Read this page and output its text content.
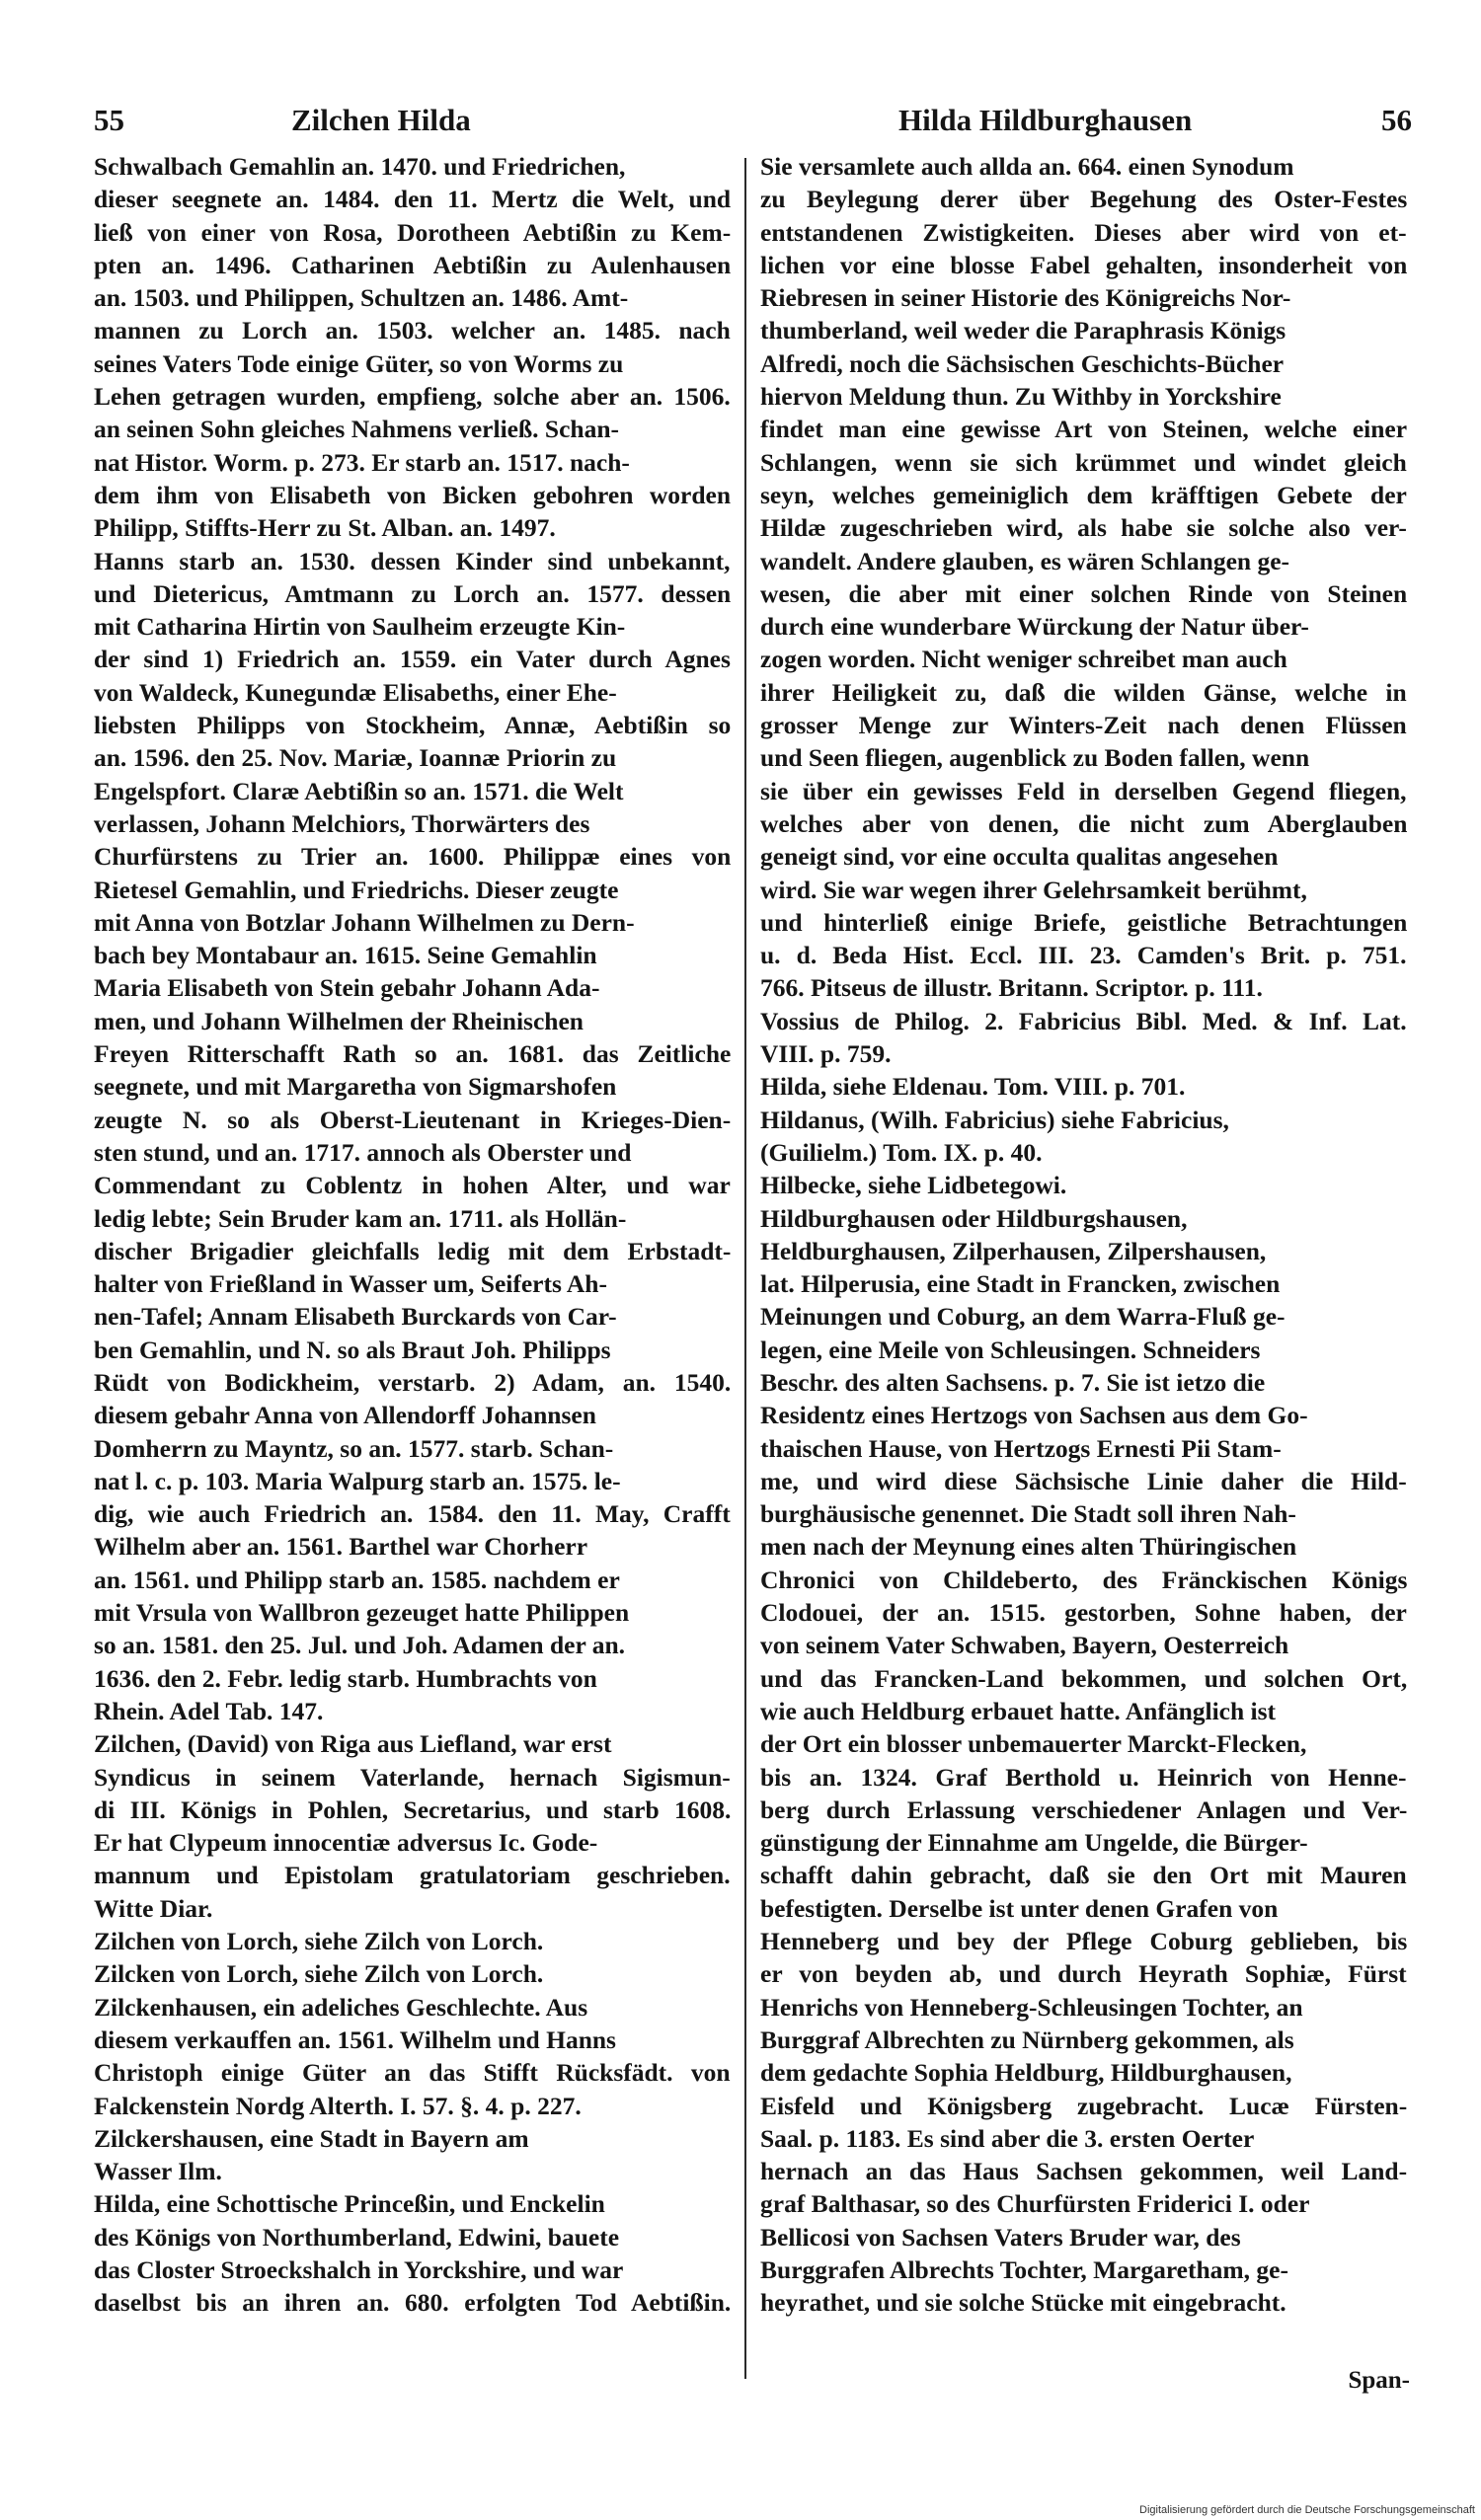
55	Zilchen Hilda	Hilda Hildburghausen	56
Schwalbach Gemahlin an. 1470. und Friedrichen,
dieser seegnete an. 1484. den 11. Mertz die Welt, und
ließ von einer von Rosa, Dorotheen Aebtißin zu Kem-
pten an. 1496. Catharinen Aebtißin zu Aulenhausen
an. 1503. und Philippen, Schultzen an. 1486. Amt-
mannen zu Lorch an. 1503. welcher an. 1485. nach
seines Vaters Tode einige Güter, so von Worms zu
Lehen getragen wurden, empfieng, solche aber an. 1506.
an seinen Sohn gleiches Nahmens verließ. Schan-
nat Histor. Worm. p. 273. Er starb an. 1517. nach-
dem ihm von Elisabeth von Bicken gebohren worden
Philipp, Stiffts-Herr zu St. Alban. an. 1497.
Hanns starb an. 1530. dessen Kinder sind unbekannt,
und Dietericus, Amtmann zu Lorch an. 1577. dessen
mit Catharina Hirtin von Saulheim erzeugte Kin-
der sind 1) Friedrich an. 1559. ein Vater durch Agnes
von Waldeck, Kunegundæ Elisabeths, einer Ehe-
liebsten Philipps von Stockheim, Annæ, Aebtißin so
an. 1596. den 25. Nov. Mariæ, Ioannæ Priorin zu
Engelspfort. Claræ Aebtißin so an. 1571. die Welt
verlassen, Johann Melchiors, Thorwärters des
Churfürstens zu Trier an. 1600. Philippæ eines von
Rietesel Gemahlin, und Friedrichs. Dieser zeugte
mit Anna von Botzlar Johann Wilhelmen zu Dern-
bach bey Montabaur an. 1615. Seine Gemahlin
Maria Elisabeth von Stein gebahr Johann Ada-
men, und Johann Wilhelmen der Rheinischen
Freyen Ritterschafft Rath so an. 1681. das Zeitliche
seegnete, und mit Margaretha von Sigmarshofen
zeugte N. so als Oberst-Lieutenant in Krieges-Dien-
sten stund, und an. 1717. annoch als Oberster und
Commendant zu Coblentz in hohen Alter, und war
ledig lebte; Sein Bruder kam an. 1711. als Hollän-
discher Brigadier gleichfalls ledig mit dem Erbstadt-
halter von Frießland in Wasser um, Seiferts Ah-
nen-Tafel; Annam Elisabeth Burckards von Car-
ben Gemahlin, und N. so als Braut Joh. Philipps
Rüdt von Bodickheim, verstarb. 2) Adam, an. 1540.
diesem gebahr Anna von Allendorff Johannsen
Domherrn zu Mayntz, so an. 1577. starb. Schan-
nat l. c. p. 103. Maria Walpurg starb an. 1575. le-
dig, wie auch Friedrich an. 1584. den 11. May, Crafft
Wilhelm aber an. 1561. Barthel war Chorherr
an. 1561. und Philipp starb an. 1585. nachdem er
mit Vrsula von Wallbron gezeuget hatte Philippen
so an. 1581. den 25. Jul. und Joh. Adamen der an.
1636. den 2. Febr. ledig starb. Humbrachts von
Rhein. Adel Tab. 147.
Zilchen, (David) von Riga aus Liefland, war erst
Syndicus in seinem Vaterlande, hernach Sigismun-
di III. Königs in Pohlen, Secretarius, und starb 1608.
Er hat Clypeum innocentiæ adversus Ic. Gode-
mannum und Epistolam gratulatoriam geschrieben.
Witte Diar.
Zilchen von Lorch, siehe Zilch von Lorch.
Zilcken von Lorch, siehe Zilch von Lorch.
Zilckenhausen, ein adeliches Geschlechte. Aus
diesem verkauffen an. 1561. Wilhelm und Hanns
Christoph einige Güter an das Stifft Rücksfädt. von
Falckenstein Nordg Alterth. I. 57. §. 4. p. 227.
Zilckershausen, eine Stadt in Bayern am
Wasser Ilm.
Hilda, eine Schottische Princeßin, und Enckelin
des Königs von Northumberland, Edwini, bauete
das Closter Stroeckshalch in Yorckshire, und war
daselbst bis an ihren an. 680. erfolgten Tod Aebtißin.
Sie versamlete auch allda an. 664. einen Synodum
zu Beylegung derer über Begehung des Oster-Festes
entstandenen Zwistigkeiten. Dieses aber wird von et-
lichen vor eine blosse Fabel gehalten, insonderheit von
Riebresen in seiner Historie des Königreichs Nor-
thumberland, weil weder die Paraphrasis Königs
Alfredi, noch die Sächsischen Geschichts-Bücher
hiervon Meldung thun. Zu Withby in Yorckshire
findet man eine gewisse Art von Steinen, welche einer
Schlangen, wenn sie sich krümmet und windet gleich
seyn, welches gemeiniglich dem kräfftigen Gebete der
Hildæ zugeschrieben wird, als habe sie solche also ver-
wandelt. Andere glauben, es wären Schlangen ge-
wesen, die aber mit einer solchen Rinde von Steinen
durch eine wunderbare Würckung der Natur über-
zogen worden. Nicht weniger schreibet man auch
ihrer Heiligkeit zu, daß die wilden Gänse, welche in
grosser Menge zur Winters-Zeit nach denen Flüssen
und Seen fliegen, augenblick zu Boden fallen, wenn
sie über ein gewisses Feld in derselben Gegend fliegen,
welches aber von denen, die nicht zum Aberglauben
geneigt sind, vor eine occulta qualitas angesehen
wird. Sie war wegen ihrer Gelehrsamkeit berühmt,
und hinterließ einige Briefe, geistliche Betrachtungen
u. d. Beda Hist. Eccl. III. 23. Camden's Brit. p. 751.
766. Pitseus de illustr. Britann. Scriptor. p. 111.
Vossius de Philog. 2. Fabricius Bibl. Med. & Inf. Lat.
VIII. p. 759.
Hilda, siehe Eldenau. Tom. VIII. p. 701.
Hildanus, (Wilh. Fabricius) siehe Fabricius,
(Guilielm.) Tom. IX. p. 40.
Hilbecke, siehe Lidbetegowi.
Hildburghausen oder Hildburgshausen,
Heldburghausen, Zilperhausen, Zilpershausen,
lat. Hilperusia, eine Stadt in Francken, zwischen
Meinungen und Coburg, an dem Warra-Fluß ge-
legen, eine Meile von Schleusingen. Schneiders
Beschr. des alten Sachsens. p. 7. Sie ist ietzo die
Residentz eines Hertzogs von Sachsen aus dem Go-
thaischen Hause, von Hertzogs Ernesti Pii Stam-
me, und wird diese Sächsische Linie daher die Hild-
burghäusische genennet. Die Stadt soll ihren Nah-
men nach der Meynung eines alten Thüringischen
Chronici von Childeberto, des Fränckischen Königs
Clodouei, der an. 1515. gestorben, Sohne haben, der
von seinem Vater Schwaben, Bayern, Oesterreich
und das Francken-Land bekommen, und solchen Ort,
wie auch Heldburg erbauet hatte. Anfänglich ist
der Ort ein blosser unbemauerter Marckt-Flecken,
bis an. 1324. Graf Berthold u. Heinrich von Henne-
berg durch Erlassung verschiedener Anlagen und Ver-
günstigung der Einnahme am Ungelde, die Bürger-
schafft dahin gebracht, daß sie den Ort mit Mauren
befestigten. Derselbe ist unter denen Grafen von
Henneberg und bey der Pflege Coburg geblieben, bis
er von beyden ab, und durch Heyrath Sophiæ, Fürst
Henrichs von Henneberg-Schleusingen Tochter, an
Burggraf Albrechten zu Nürnberg gekommen, als
dem gedachte Sophia Heldburg, Hildburghausen,
Eisfeld und Königsberg zugebracht. Lucæ Fürsten-
Saal. p. 1183. Es sind aber die 3. ersten Oerter
hernach an das Haus Sachsen gekommen, weil Land-
graf Balthasar, so des Churfürsten Friderici I. oder
Bellicosi von Sachsen Vaters Bruder war, des
Burggrafen Albrechts Tochter, Margaretham, ge-
heyrathet, und sie solche Stücke mit eingebracht.
Span-
Digitalisierung gefördert durch die Deutsche Forschungsgemeinschaft
